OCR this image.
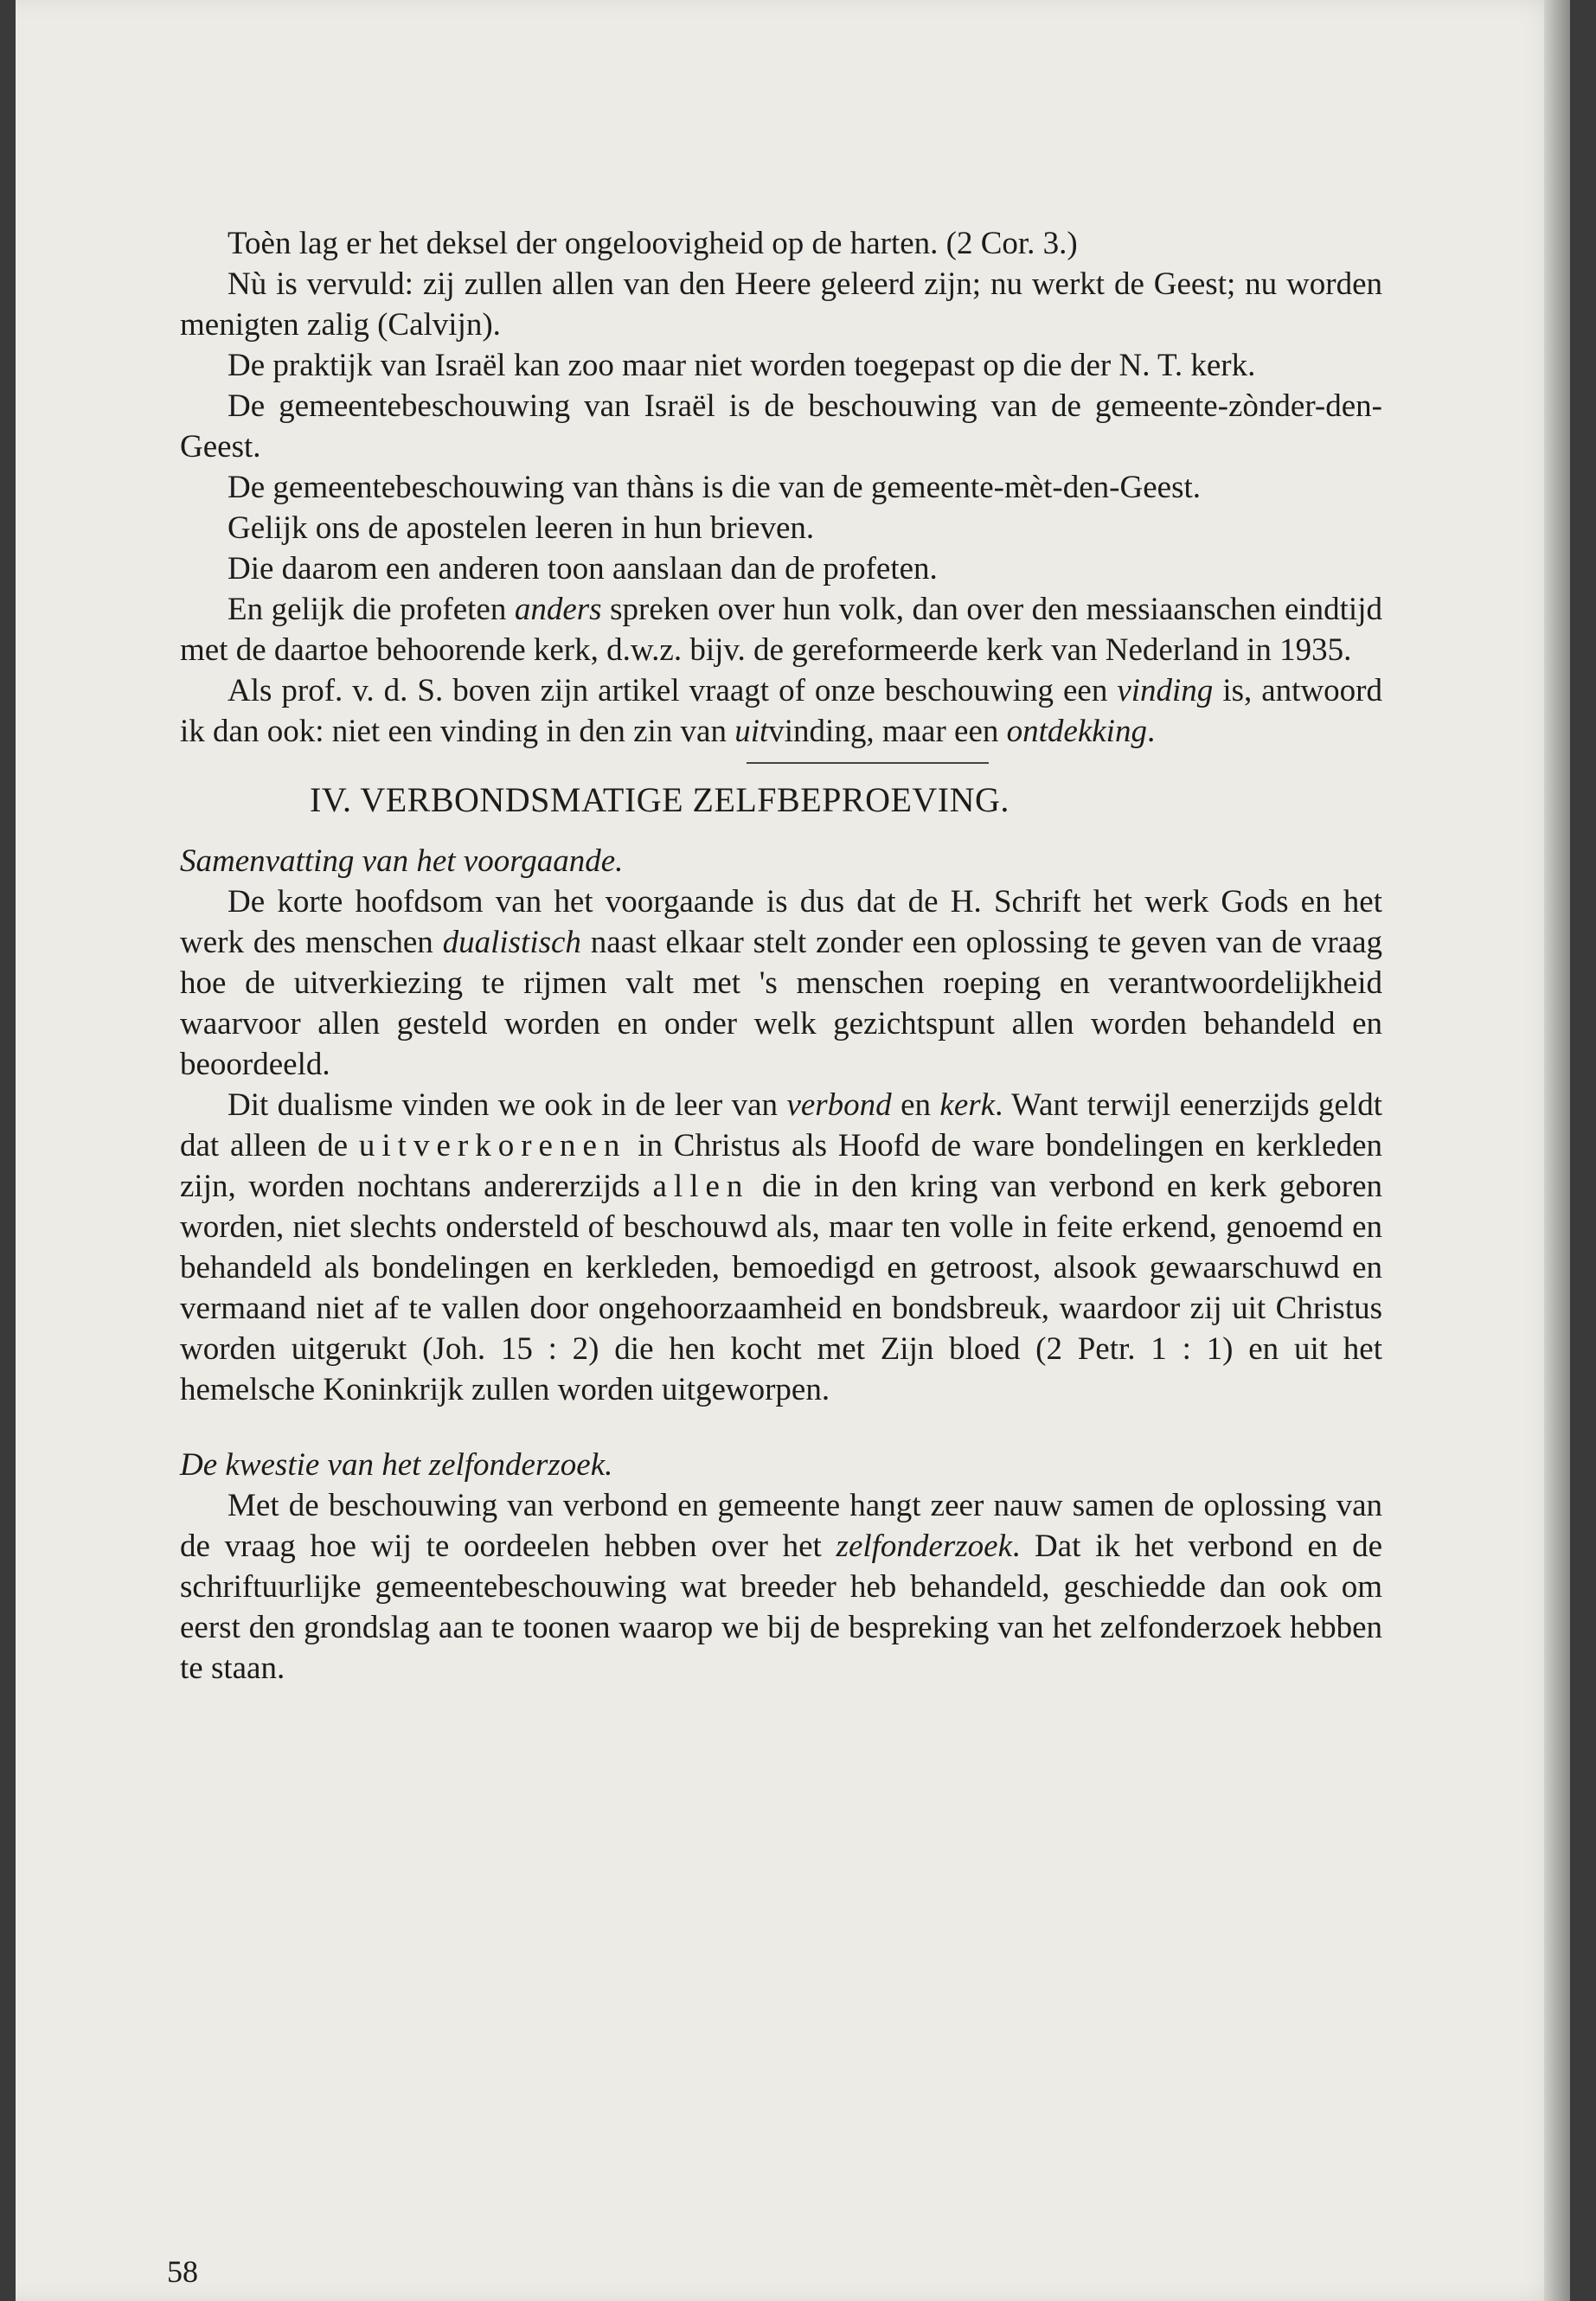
Toèn lag er het deksel der ongeloovigheid op de harten. (2 Cor. 3.)

Nù is vervuld: zij zullen allen van den Heere geleerd zijn; nu werkt de Geest; nu worden menigten zalig (Calvijn).

De praktijk van Israël kan zoo maar niet worden toegepast op die der N. T. kerk.

De gemeentebeschouwing van Israël is de beschouwing van de gemeente-zònder-den-Geest.

De gemeentebeschouwing van thàns is die van de gemeente-mèt-den-Geest.

Gelijk ons de apostelen leeren in hun brieven.

Die daarom een anderen toon aanslaan dan de profeten.

En gelijk die profeten anders spreken over hun volk, dan over den messiaanschen eindtijd met de daartoe behoorende kerk, d.w.z. bijv. de gereformeerde kerk van Nederland in 1935.

Als prof. v. d. S. boven zijn artikel vraagt of onze beschouwing een vinding is, antwoord ik dan ook: niet een vinding in den zin van uitvinding, maar een ontdekking.

IV. VERBONDSMATIGE ZELFBEPROEVING.

Samenvatting van het voorgaande.

De korte hoofdsom van het voorgaande is dus dat de H. Schrift het werk Gods en het werk des menschen dualistisch naast elkaar stelt zonder een oplossing te geven van de vraag hoe de uitverkiezing te rijmen valt met 's menschen roeping en verantwoordelijkheid waarvoor allen gesteld worden en onder welk gezichtspunt allen worden behandeld en beoordeeld.

Dit dualisme vinden we ook in de leer van verbond en kerk. Want terwijl eenerzijds geldt dat alleen de uitverkorenen in Christus als Hoofd de ware bondelingen en kerkleden zijn, worden nochtans andererzijds allen die in den kring van verbond en kerk geboren worden, niet slechts ondersteld of beschouwd als, maar ten volle in feite erkend, genoemd en behandeld als bondelingen en kerkleden, bemoedigd en getroost, alsook gewaarschuwd en vermaand niet af te vallen door ongehoorzaamheid en bondsbreuk, waardoor zij uit Christus worden uitgerukt (Joh. 15 : 2) die hen kocht met Zijn bloed (2 Petr. 1 : 1) en uit het hemelsche Koninkrijk zullen worden uitgeworpen.

De kwestie van het zelfonderzoek.

Met de beschouwing van verbond en gemeente hangt zeer nauw samen de oplossing van de vraag hoe wij te oordeelen hebben over het zelfonderzoek. Dat ik het verbond en de schriftuurlijke gemeentebeschouwing wat breeder heb behandeld, geschiedde dan ook om eerst den grondslag aan te toonen waarop we bij de bespreking van het zelfonderzoek hebben te staan.

58
